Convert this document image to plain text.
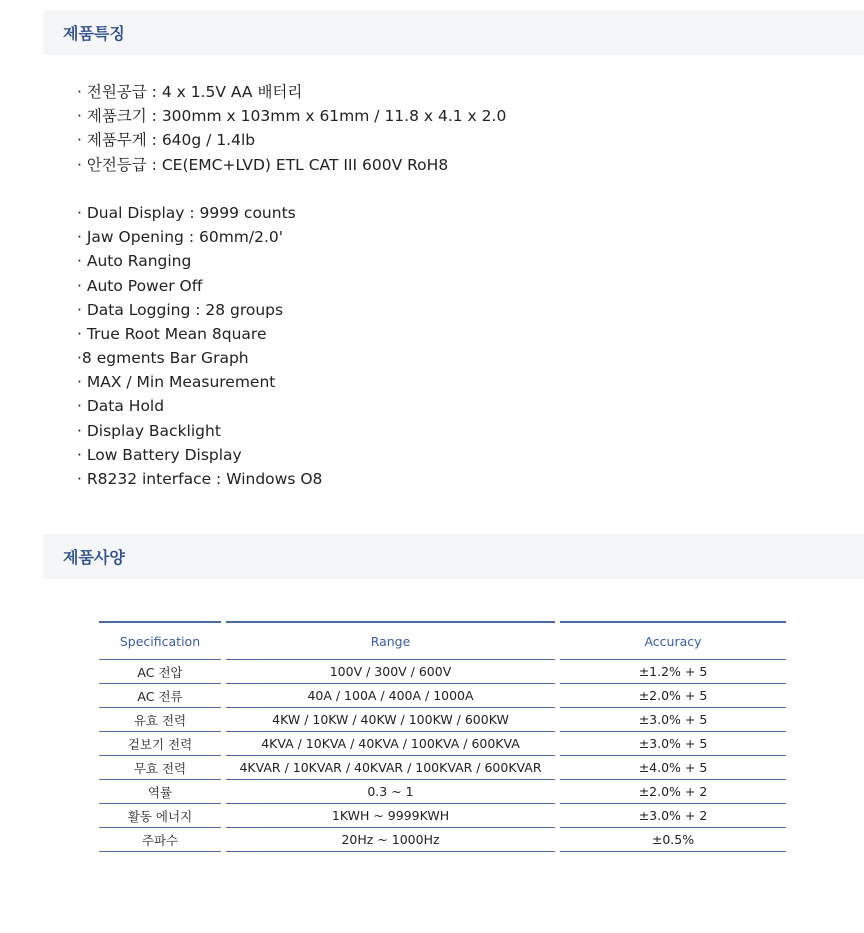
제품특징
· 전원공급 : 4 x 1.5V AA 배터리
· 제품크기 : 300mm x 103mm x 61mm / 11.8 x 4.1 x 2.0
· 제품무게 : 640g / 1.4lb
· 안전등급 : CE(EMC+LVD) ETL CAT III 600V RoH8
· Dual Display : 9999 counts
· Jaw Opening : 60mm/2.0'
· Auto Ranging
· Auto Power Off
· Data Logging : 28 groups
· True Root Mean 8quare
·8 egments Bar Graph
· MAX / Min Measurement
· Data Hold
· Display Backlight
· Low Battery Display
· R8232 interface : Windows O8
제품사양
Specification	Range	Accuracy
AC 전압	100V / 300V / 600V	±1.2% + 5
AC 전류	40A / 100A / 400A / 1000A	±2.0% + 5
유효 전력	4KW / 10KW / 40KW / 100KW / 600KW	±3.0% + 5
겉보기 전력	4KVA / 10KVA / 40KVA / 100KVA / 600KVA	±3.0% + 5
무효 전력	4KVAR / 10KVAR / 40KVAR / 100KVAR / 600KVAR	±4.0% + 5
역률	0.3 ~ 1	±2.0% + 2
활동 에너지	1KWH ~ 9999KWH	±3.0% + 2
주파수	20Hz ~ 1000Hz	±0.5%
